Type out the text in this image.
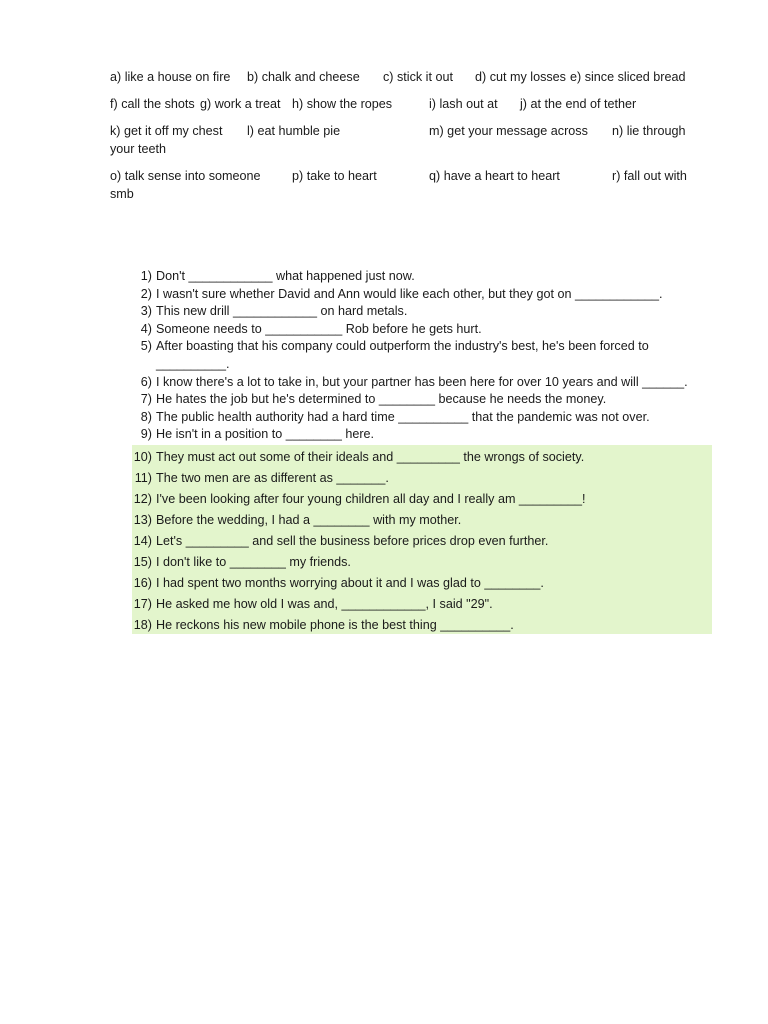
a) like a house on fire b) chalk and cheese c) stick it out d) cut my losses e) since sliced bread
f) call the shots g) work a treat h) show the ropes	i) lash out at j) at the end of tether
k) get it off my chest l) eat humble pie	m) get your message across n) lie through
your teeth
o) talk sense into someone p) take to heart	q) have a heart to heart	r) fall out with
smb
1) Don't ____________ what happened just now.
2) I wasn't sure whether David and Ann would like each other, but they got on ____________.
3) This new drill ____________ on hard metals.
4) Someone needs to ___________ Rob before he gets hurt.
5) After boasting that his company could outperform the industry's best, he's been forced to __________.
6) I know there's a lot to take in, but your partner has been here for over 10 years and will ______.
7) He hates the job but he's determined to ________ because he needs the money.
8) The public health authority had a hard time __________ that the pandemic was not over.
9) He isn't in a position to ________ here.
10) They must act out some of their ideals and _________ the wrongs of society.
11) The two men are as different as _______.
12) I've been looking after four young children all day and I really am _________!
13) Before the wedding, I had a ________ with my mother.
14) Let's _________ and sell the business before prices drop even further.
15) I don't like to ________ my friends.
16) I had spent two months worrying about it and I was glad to ________.
17) He asked me how old I was and, ____________, I said "29".
18) He reckons his new mobile phone is the best thing __________.
